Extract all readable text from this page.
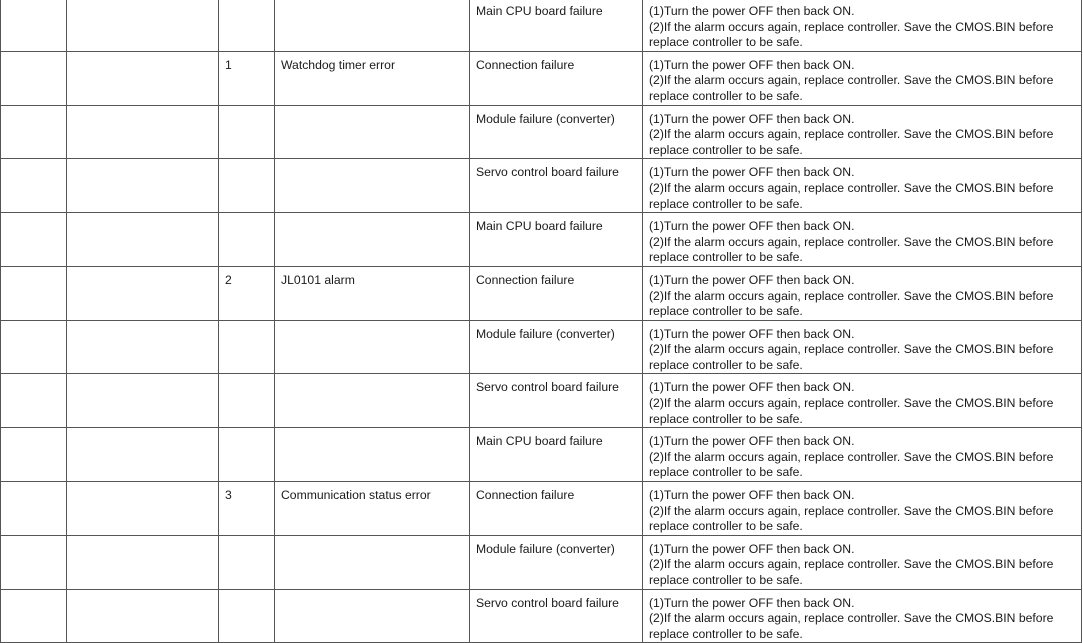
				Main CPU board failure	(1)Turn the power OFF then back ON.
(2)If the alarm occurs again, replace controller. Save the CMOS.BIN before replace controller to be safe.

		1	Watchdog timer error	Connection failure	(1)Turn the power OFF then back ON.
(2)If the alarm occurs again, replace controller. Save the CMOS.BIN before replace controller to be safe.

				Module failure (converter)	(1)Turn the power OFF then back ON.
(2)If the alarm occurs again, replace controller. Save the CMOS.BIN before replace controller to be safe.

				Servo control board failure	(1)Turn the power OFF then back ON.
(2)If the alarm occurs again, replace controller. Save the CMOS.BIN before replace controller to be safe.

				Main CPU board failure	(1)Turn the power OFF then back ON.
(2)If the alarm occurs again, replace controller. Save the CMOS.BIN before replace controller to be safe.

		2	JL0101 alarm	Connection failure	(1)Turn the power OFF then back ON.
(2)If the alarm occurs again, replace controller. Save the CMOS.BIN before replace controller to be safe.

				Module failure (converter)	(1)Turn the power OFF then back ON.
(2)If the alarm occurs again, replace controller. Save the CMOS.BIN before replace controller to be safe.

				Servo control board failure	(1)Turn the power OFF then back ON.
(2)If the alarm occurs again, replace controller. Save the CMOS.BIN before replace controller to be safe.

				Main CPU board failure	(1)Turn the power OFF then back ON.
(2)If the alarm occurs again, replace controller. Save the CMOS.BIN before replace controller to be safe.

		3	Communication status error	Connection failure	(1)Turn the power OFF then back ON.
(2)If the alarm occurs again, replace controller. Save the CMOS.BIN before replace controller to be safe.

				Module failure (converter)	(1)Turn the power OFF then back ON.
(2)If the alarm occurs again, replace controller. Save the CMOS.BIN before replace controller to be safe.

				Servo control board failure	(1)Turn the power OFF then back ON.
(2)If the alarm occurs again, replace controller. Save the CMOS.BIN before replace controller to be safe.
